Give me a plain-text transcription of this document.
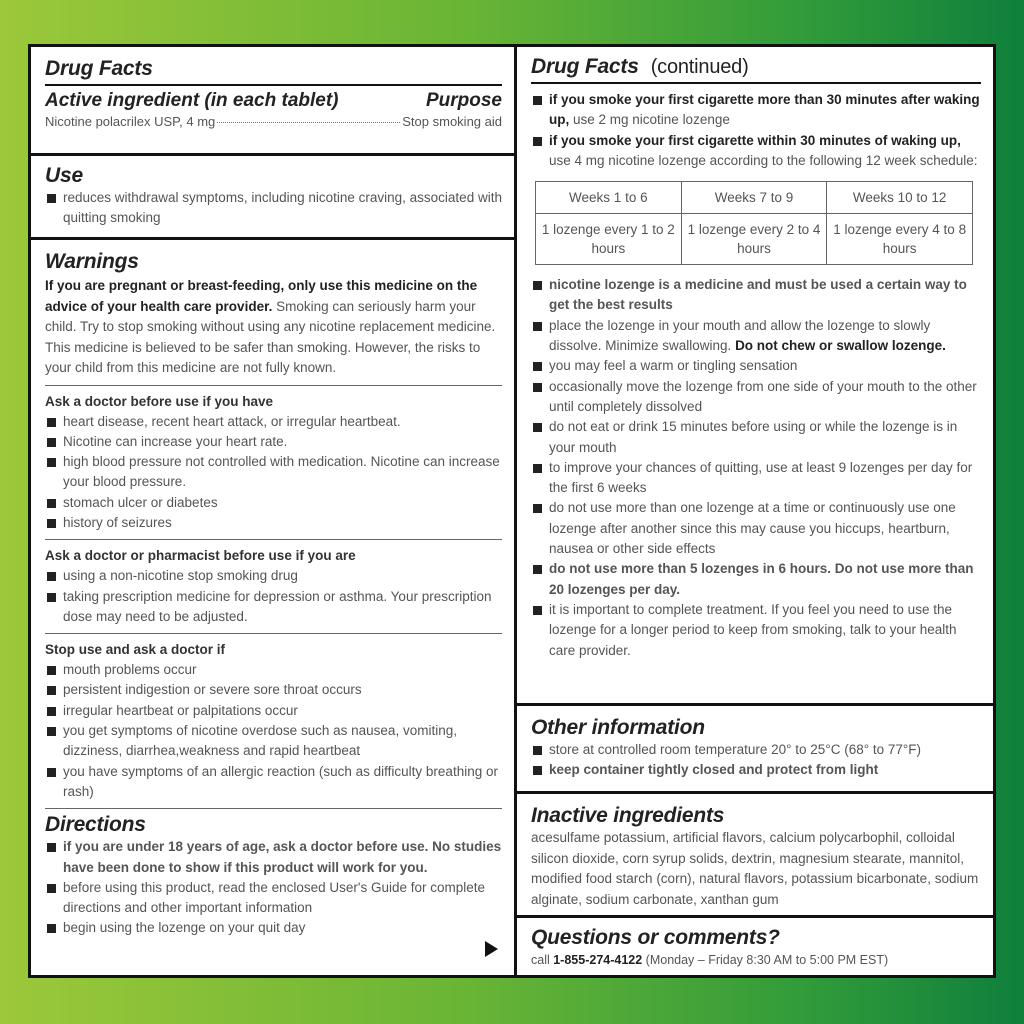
Drug Facts
Active ingredient (in each tablet)	Purpose
Nicotine polacrilex USP, 4 mg	Stop smoking aid
Use
reduces withdrawal symptoms, including nicotine craving, associated with quitting smoking
Warnings

If you are pregnant or breast-feeding, only use this medicine on the advice of your health care provider. Smoking can seriously harm your child. Try to stop smoking without using any nicotine replacement medicine. This medicine is believed to be safer than smoking. However, the risks to your child from this medicine are not fully known.

Ask a doctor before use if you have

heart disease, recent heart attack, or irregular heartbeat.
Nicotine can increase your heart rate.
high blood pressure not controlled with medication. Nicotine can increase your blood pressure.
stomach ulcer or diabetes
history of seizures

Ask a doctor or pharmacist before use if you are

using a non-nicotine stop smoking drug
taking prescription medicine for depression or asthma. Your prescription dose may need to be adjusted.

Stop use and ask a doctor if

mouth problems occur
persistent indigestion or severe sore throat occurs
irregular heartbeat or palpitations occur
you get symptoms of nicotine overdose such as nausea, vomiting, dizziness, diarrhea,weakness and rapid heartbeat
you have symptoms of an allergic reaction (such as difficulty breathing or rash)
Directions
if you are under 18 years of age, ask a doctor before use. No studies have been done to show if this product will work for you.
before using this product, read the enclosed User's Guide for complete directions and other important information
begin using the lozenge on your quit day
Drug Facts (continued)
if you smoke your first cigarette more than 30 minutes after waking up, use 2 mg nicotine lozenge
if you smoke your first cigarette within 30 minutes of waking up, use 4 mg nicotine lozenge according to the following 12 week schedule:
Weeks 1 to 6	Weeks 7 to 9	Weeks 10 to 12
1 lozenge every 1 to 2 hours	1 lozenge every 2 to 4 hours	1 lozenge every 4 to 8 hours
nicotine lozenge is a medicine and must be used a certain way to get the best results
place the lozenge in your mouth and allow the lozenge to slowly dissolve. Minimize swallowing. Do not chew or swallow lozenge.
you may feel a warm or tingling sensation
occasionally move the lozenge from one side of your mouth to the other until completely dissolved
do not eat or drink 15 minutes before using or while the lozenge is in your mouth
to improve your chances of quitting, use at least 9 lozenges per day for the first 6 weeks
do not use more than one lozenge at a time or continuously use one lozenge after another since this may cause you hiccups, heartburn, nausea or other side effects
do not use more than 5 lozenges in 6 hours. Do not use more than 20 lozenges per day.
it is important to complete treatment. If you feel you need to use the lozenge for a longer period to keep from smoking, talk to your health care provider.
Other information
store at controlled room temperature 20° to 25°C (68° to 77°F)
keep container tightly closed and protect from light
Inactive ingredients

acesulfame potassium, artificial flavors, calcium polycarbophil, colloidal silicon dioxide, corn syrup solids, dextrin, magnesium stearate, mannitol, modified food starch (corn), natural flavors, potassium bicarbonate, sodium alginate, sodium carbonate, xanthan gum

Questions or comments?

call 1-855-274-4122 (Monday – Friday 8:30 AM to 5:00 PM EST)
